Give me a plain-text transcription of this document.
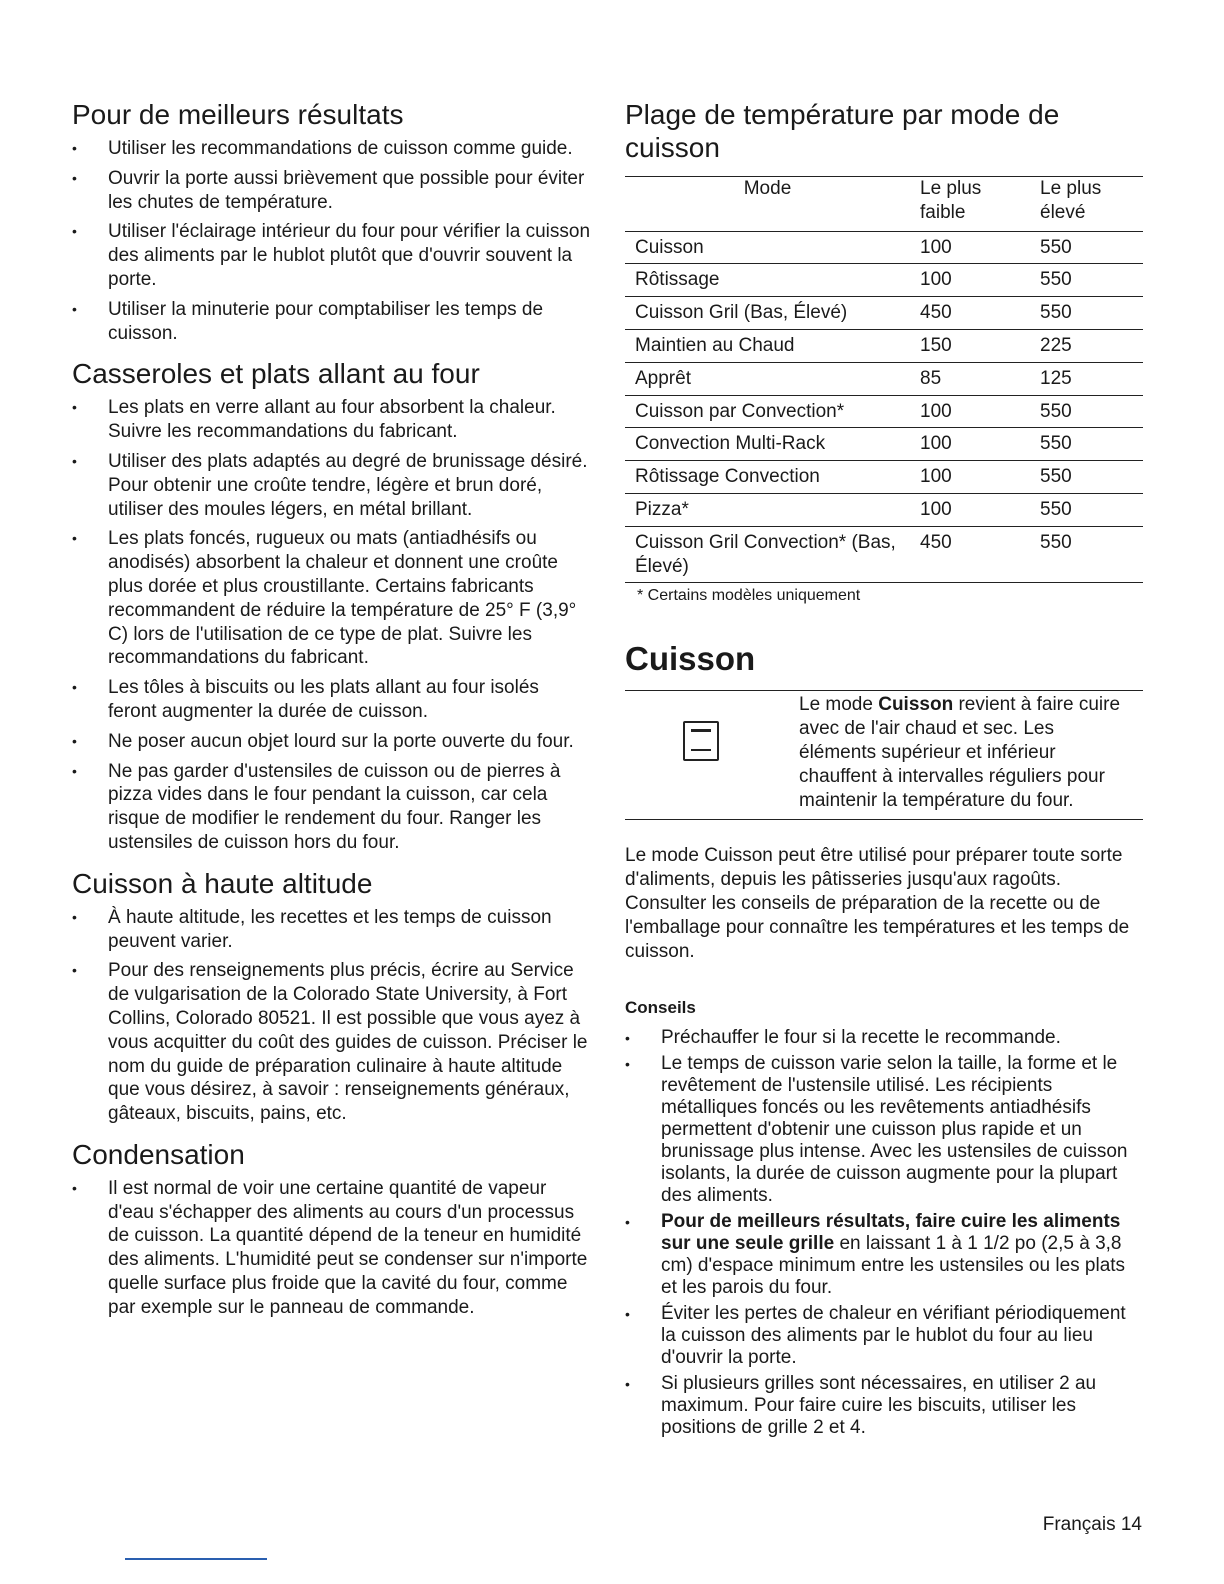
Pour de meilleurs résultats
• Utiliser les recommandations de cuisson comme guide.
• Ouvrir la porte aussi brièvement que possible pour éviter les chutes de température.
• Utiliser l'éclairage intérieur du four pour vérifier la cuisson des aliments par le hublot plutôt que d'ouvrir souvent la porte.
• Utiliser la minuterie pour comptabiliser les temps de cuisson.
Casseroles et plats allant au four
• Les plats en verre allant au four absorbent la chaleur. Suivre les recommandations du fabricant.
• Utiliser des plats adaptés au degré de brunissage désiré. Pour obtenir une croûte tendre, légère et brun doré, utiliser des moules légers, en métal brillant.
• Les plats foncés, rugueux ou mats (antiadhésifs ou anodisés) absorbent la chaleur et donnent une croûte plus dorée et plus croustillante. Certains fabricants recommandent de réduire la température de 25° F (3,9° C) lors de l'utilisation de ce type de plat. Suivre les recommandations du fabricant.
• Les tôles à biscuits ou les plats allant au four isolés feront augmenter la durée de cuisson.
• Ne poser aucun objet lourd sur la porte ouverte du four.
• Ne pas garder d'ustensiles de cuisson ou de pierres à pizza vides dans le four pendant la cuisson, car cela risque de modifier le rendement du four. Ranger les ustensiles de cuisson hors du four.
Cuisson à haute altitude
• À haute altitude, les recettes et les temps de cuisson peuvent varier.
• Pour des renseignements plus précis, écrire au Service de vulgarisation de la Colorado State University, à Fort Collins, Colorado 80521. Il est possible que vous ayez à vous acquitter du coût des guides de cuisson. Préciser le nom du guide de préparation culinaire à haute altitude que vous désirez, à savoir : renseignements généraux, gâteaux, biscuits, pains, etc.
Condensation
• Il est normal de voir une certaine quantité de vapeur d'eau s'échapper des aliments au cours d'un processus de cuisson. La quantité dépend de la teneur en humidité des aliments. L'humidité peut se condenser sur n'importe quelle surface plus froide que la cavité du four, comme par exemple sur le panneau de commande.
Plage de température par mode de cuisson
Mode	Le plus faible	Le plus élevé
Cuisson	100	550
Rôtissage	100	550
Cuisson Gril (Bas, Élevé)	450	550
Maintien au Chaud	150	225
Apprêt	85	125
Cuisson par Convection*	100	550
Convection Multi-Rack	100	550
Rôtissage Convection	100	550
Pizza*	100	550
Cuisson Gril Convection* (Bas, Élevé)	450	550
* Certains modèles uniquement
Cuisson
Le mode Cuisson revient à faire cuire avec de l'air chaud et sec. Les éléments supérieur et inférieur chauffent à intervalles réguliers pour maintenir la température du four.

Le mode Cuisson peut être utilisé pour préparer toute sorte d'aliments, depuis les pâtisseries jusqu'aux ragoûts. Consulter les conseils de préparation de la recette ou de l'emballage pour connaître les températures et les temps de cuisson.

Conseils
• Préchauffer le four si la recette le recommande.
• Le temps de cuisson varie selon la taille, la forme et le revêtement de l'ustensile utilisé. Les récipients métalliques foncés ou les revêtements antiadhésifs permettent d'obtenir une cuisson plus rapide et un brunissage plus intense. Avec les ustensiles de cuisson isolants, la durée de cuisson augmente pour la plupart des aliments.
• Pour de meilleurs résultats, faire cuire les aliments sur une seule grille en laissant 1 à 1 1/2 po (2,5 à 3,8 cm) d'espace minimum entre les ustensiles ou les plats et les parois du four.
• Éviter les pertes de chaleur en vérifiant périodiquement la cuisson des aliments par le hublot du four au lieu d'ouvrir la porte.
• Si plusieurs grilles sont nécessaires, en utiliser 2 au maximum. Pour faire cuire les biscuits, utiliser les positions de grille 2 et 4.
Français 14
